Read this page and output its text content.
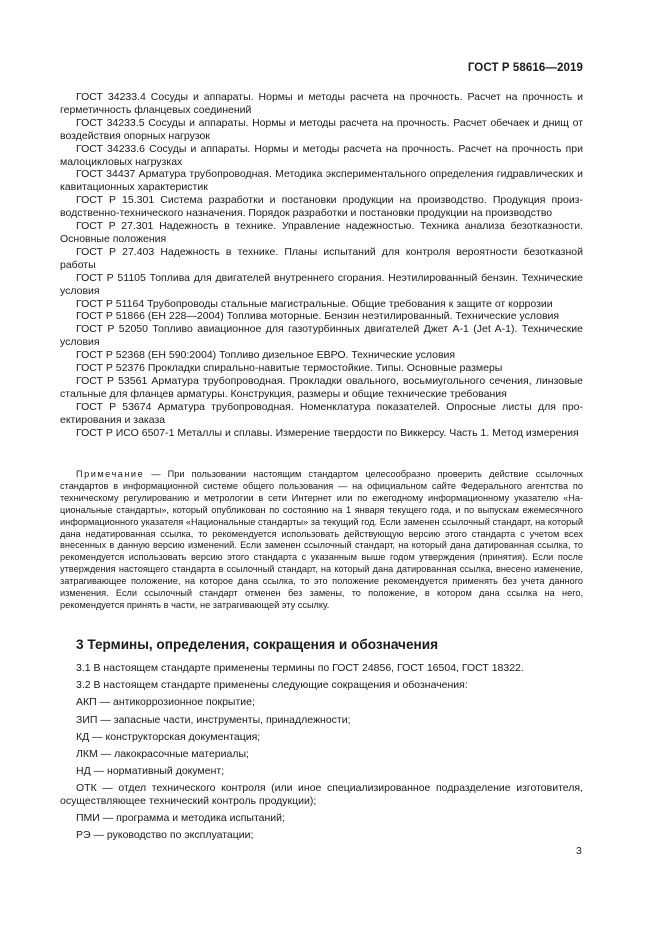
ГОСТ Р 58616—2019

ГОСТ 34233.4 Сосуды и аппараты. Нормы и методы расчета на прочность. Расчет на прочность и герметичность фланцевых соединений

ГОСТ 34233.5 Сосуды и аппараты. Нормы и методы расчета на прочность. Расчет обечаек и днищ от воздействия опорных нагрузок

ГОСТ 34233.6 Сосуды и аппараты. Нормы и методы расчета на прочность. Расчет на прочность при малоцикловых нагрузках

ГОСТ 34437 Арматура трубопроводная. Методика экспериментального определения гидравлических и кавитационных характеристик

ГОСТ Р 15.301 Система разработки и постановки продукции на производство. Продукция производственно-технического назначения. Порядок разработки и постановки продукции на производство

ГОСТ Р 27.301 Надежность в технике. Управление надежностью. Техника анализа безотказности. Основные положения

ГОСТ Р 27.403 Надежность в технике. Планы испытаний для контроля вероятности безотказной работы

ГОСТ Р 51105 Топлива для двигателей внутреннего сгорания. Неэтилированный бензин. Технические условия

ГОСТ Р 51164 Трубопроводы стальные магистральные. Общие требования к защите от коррозии

ГОСТ Р 51866 (ЕН 228—2004) Топлива моторные. Бензин неэтилированный. Технические условия

ГОСТ Р 52050 Топливо авиационное для газотурбинных двигателей Джет А-1 (Jet A-1). Технические условия

ГОСТ Р 52368 (ЕН 590:2004) Топливо дизельное ЕВРО. Технические условия

ГОСТ Р 52376 Прокладки спирально-навитые термостойкие. Типы. Основные размеры

ГОСТ Р 53561 Арматура трубопроводная. Прокладки овального, восьмиугольного сечения, линзовые стальные для фланцев арматуры. Конструкция, размеры и общие технические требования

ГОСТ Р 53674 Арматура трубопроводная. Номенклатура показателей. Опросные листы для проектирования и заказа

ГОСТ Р ИСО 6507-1 Металлы и сплавы. Измерение твердости по Виккерсу. Часть 1. Метод измерения

Примечание — При пользовании настоящим стандартом целесообразно проверить действие ссылочных стандартов в информационной системе общего пользования — на официальном сайте Федерального агентства по техническому регулированию и метрологии в сети Интернет или по ежегодному информационному указателю «Национальные стандарты», который опубликован по состоянию на 1 января текущего года, и по выпускам ежемесячного информационного указателя «Национальные стандарты» за текущий год. Если заменен ссылочный стандарт, на который дана недатированная ссылка, то рекомендуется использовать действующую версию этого стандарта с учетом всех внесенных в данную версию изменений. Если заменен ссылочный стандарт, на который дана датированная ссылка, то рекомендуется использовать версию этого стандарта с указанным выше годом утверждения (принятия). Если после утверждения настоящего стандарта в ссылочный стандарт, на который дана датированная ссылка, внесено изменение, затрагивающее положение, на которое дана ссылка, то это положение рекомендуется применять без учета данного изменения. Если ссылочный стандарт отменен без замены, то положение, в котором дана ссылка на него, рекомендуется принять в части, не затрагивающей эту ссылку.

3 Термины, определения, сокращения и обозначения

3.1 В настоящем стандарте применены термины по ГОСТ 24856, ГОСТ 16504, ГОСТ 18322.

3.2 В настоящем стандарте применены следующие сокращения и обозначения:

АКП — антикоррозионное покрытие;

ЗИП — запасные части, инструменты, принадлежности;

КД — конструкторская документация;

ЛКМ — лакокрасочные материалы;

НД — нормативный документ;

ОТК — отдел технического контроля (или иное специализированное подразделение изготовителя, осуществляющее технический контроль продукции);

ПМИ — программа и методика испытаний;

РЭ — руководство по эксплуатации;

3
